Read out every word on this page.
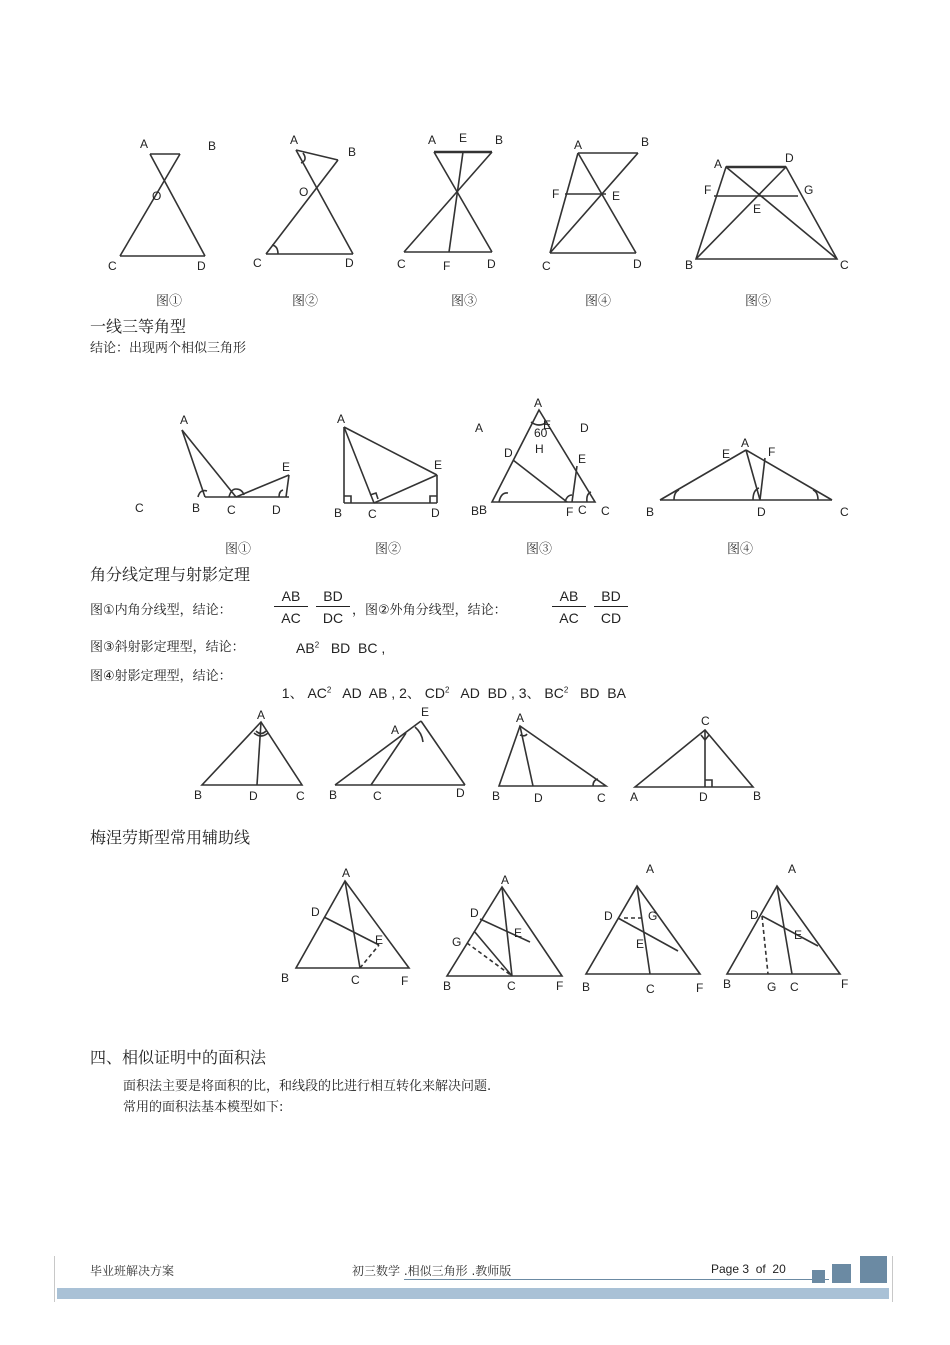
A	B
O
C	D
图①
A
B
O
C	D
图②
A E B
C	F	D
图③
A	B
F	E
C	D
图④
A	D
F	G
E
B	C
图⑤
一线三等角型
结论：出现两个相似三角形
A
E
C	B C	D
图①
A
E
B C	D
图②
A
A	60
E
H
D
D
E
B B	F C C
图③
A
E	F
B	D	C
图④
角分线定理与射影定理
图①内角分线型，结论：	$\frac{AB}{AC} \frac{BD}{DC}$ ，图②外角分线型，结论：	$\frac{AB}{AC} \frac{BD}{CD}$
图③斜射影定理型，结论：	$AB^2$ BD  BC ,
图④射影定理型，结论：

1、 $AC^2$ AD  AB , 2、 $CD^2$ AD  BD , 3、 $BC^2$ BD  BA

A
B	D	C
E
A
B	C	D
A
B	D	C
C
A	D	B
梅涅劳斯型常用辅助线
A
D
E
B	C	F
A
D
E
G
B	C	F
A
D	G
E
B	C	F
A
D
E
B	G C	F
四、相似证明中的面积法
面积法主要是将面积的比，和线段的比进行相互转化来解决问题.
常用的面积法基本模型如下:
毕业班解决方案	初三数学 .相似三角形 .教师版	Page 3 of 20
